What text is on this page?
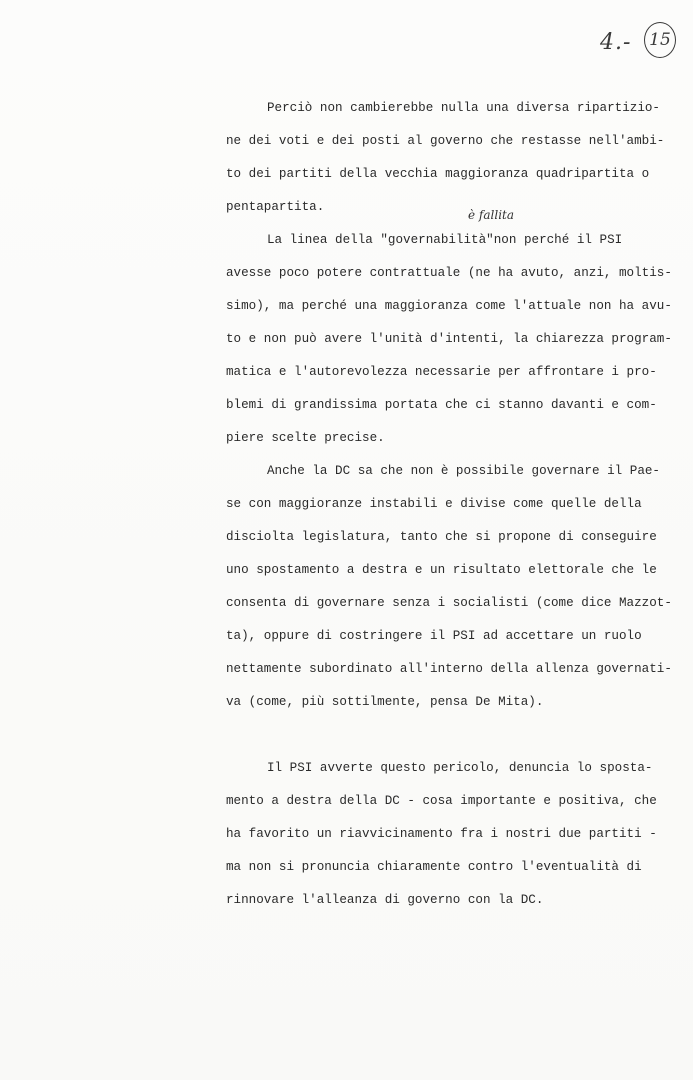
4.-	15
è fallita
Perciò non cambierebbe nulla una diversa ripartizio-
ne dei voti e dei posti al governo che restasse nell'ambi-
to dei partiti della vecchia maggioranza quadripartita o
pentapartita.
La linea della "governabilità"non perché il PSI
avesse poco potere contrattuale (ne ha avuto, anzi, moltis-
simo), ma perché una maggioranza come l'attuale non ha avu-
to e non può avere l'unità d'intenti, la chiarezza program-
matica e l'autorevolezza necessarie per affrontare i pro-
blemi di grandissima portata che ci stanno davanti e com-
piere scelte precise.
Anche la DC sa che non è possibile governare il Pae-
se con maggioranze instabili e divise come quelle della
disciolta legislatura, tanto che si propone di conseguire
uno spostamento a destra e un risultato elettorale che le
consenta di governare senza i socialisti (come dice Mazzot-
ta), oppure di costringere il PSI ad accettare un ruolo
nettamente subordinato all'interno della allenza governati-
va (come, più sottilmente, pensa De Mita).
Il PSI avverte questo pericolo, denuncia lo sposta-
mento a destra della DC - cosa importante e positiva, che
ha favorito un riavvicinamento fra i nostri due partiti -
ma non si pronuncia chiaramente contro l'eventualità di
rinnovare l'alleanza di governo con la DC.
